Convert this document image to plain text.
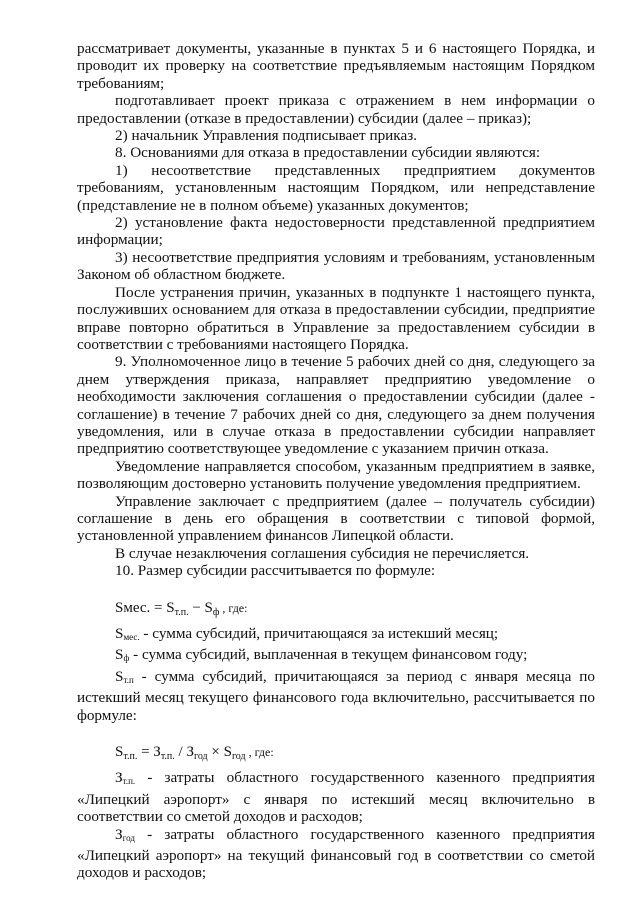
рассматривает документы, указанные в пунктах 5 и 6 настоящего Порядка, и проводит их проверку на соответствие предъявляемым настоящим Порядком требованиям;

подготавливает проект приказа с отражением в нем информации о предоставлении (отказе в предоставлении) субсидии (далее – приказ);

2) начальник Управления подписывает приказ.

8. Основаниями для отказа в предоставлении субсидии являются:

1) несоответствие представленных предприятием документов требованиям, установленным настоящим Порядком, или непредставление (представление не в полном объеме) указанных документов;

2) установление факта недостоверности представленной предприятием информации;

3) несоответствие предприятия условиям и требованиям, установленным Законом об областном бюджете.

После устранения причин, указанных в подпункте 1 настоящего пункта, послуживших основанием для отказа в предоставлении субсидии, предприятие вправе повторно обратиться в Управление за предоставлением субсидии в соответствии с требованиями настоящего Порядка.

9. Уполномоченное лицо в течение 5 рабочих дней со дня, следующего за днем утверждения приказа, направляет предприятию уведомление о необходимости заключения соглашения о предоставлении субсидии (далее - соглашение) в течение 7 рабочих дней со дня, следующего за днем получения уведомления, или в случае отказа в предоставлении субсидии направляет предприятию соответствующее уведомление с указанием причин отказа.

Уведомление направляется способом, указанным предприятием в заявке, позволяющим достоверно установить получение уведомления предприятием.

Управление заключает с предприятием (далее – получатель субсидии) соглашение в день его обращения в соответствии с типовой формой, установленной управлением финансов Липецкой области.

В случае незаключения соглашения субсидия не перечисляется.

10. Размер субсидии рассчитывается по формуле:

Sмес. = $S_{т.п.} - S_ф$ , где:

$S_{мес.}$ - сумма субсидий, причитающаяся за истекший месяц;

$S_ф$ - сумма субсидий, выплаченная в текущем финансовом году;

$S_{т.п}$ - сумма субсидий, причитающаяся за период с января месяца по истекший месяц текущего финансового года включительно, рассчитывается по формуле:

$S_{т.п.} = З_{т.п.} / З_{год} \times S_{год}$ , где:

$З_{т.п.}$ - затраты областного государственного казенного предприятия «Липецкий аэропорт» с января по истекший месяц включительно в соответствии со сметой доходов и расходов;

$З_{год}$ - затраты областного государственного казенного предприятия «Липецкий аэропорт» на текущий финансовый год в соответствии со сметой доходов и расходов;
